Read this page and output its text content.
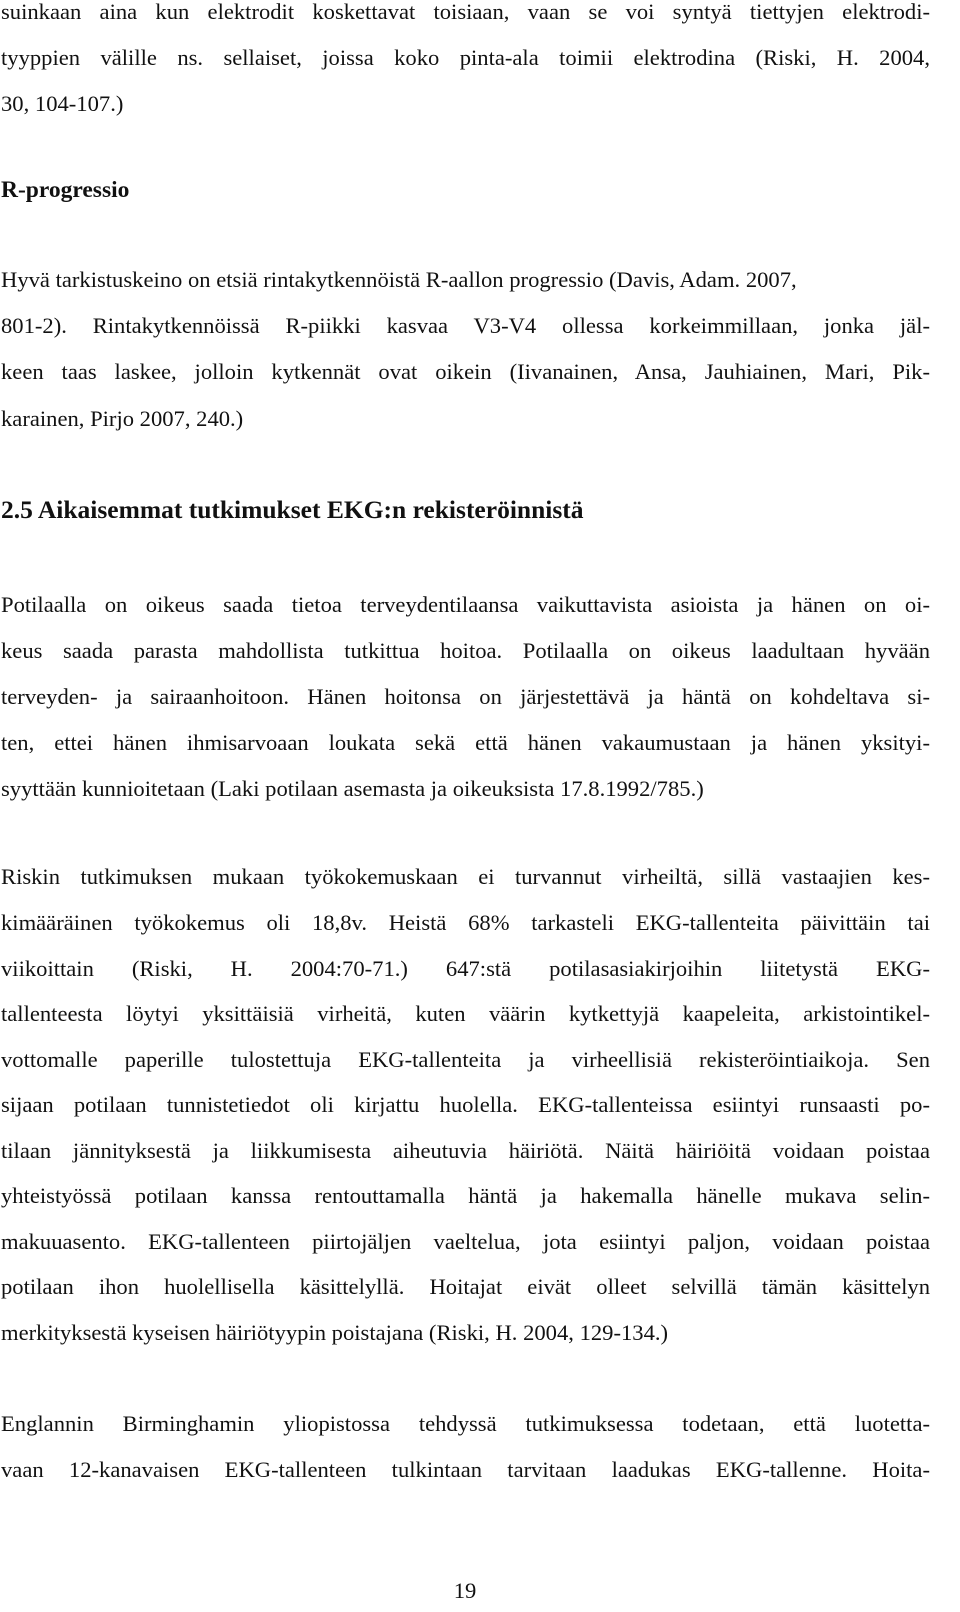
suinkaan aina kun elektrodit koskettavat toisiaan, vaan se voi syntyä tiettyjen elektrodi-
tyyppien välille ns. sellaiset, joissa koko pinta-ala toimii elektrodina (Riski, H. 2004,
30, 104-107.)
R-progressio
Hyvä tarkistuskeino on etsiä rintakytkennöistä R-aallon progressio (Davis, Adam. 2007,
801-2). Rintakytkennöissä R-piikki kasvaa V3-V4 ollessa korkeimmillaan, jonka jäl-
keen taas laskee, jolloin kytkennät ovat oikein (Iivanainen, Ansa, Jauhiainen, Mari, Pik-
karainen, Pirjo 2007, 240.)
2.5 Aikaisemmat tutkimukset EKG:n rekisteröinnistä
Potilaalla on oikeus saada tietoa terveydentilaansa vaikuttavista asioista ja hänen on oi-
keus saada parasta mahdollista tutkittua hoitoa. Potilaalla on oikeus laadultaan hyvään
terveyden- ja sairaanhoitoon. Hänen hoitonsa on järjestettävä ja häntä on kohdeltava si-
ten, ettei hänen ihmisarvoaan loukata sekä että hänen vakaumustaan ja hänen yksityi-
syyttään kunnioitetaan (Laki potilaan asemasta ja oikeuksista 17.8.1992/785.)
Riskin tutkimuksen mukaan työkokemuskaan ei turvannut virheiltä, sillä vastaajien kes-
kimääräinen työkokemus oli 18,8v. Heistä 68% tarkasteli EKG-tallenteita päivittäin tai
viikoittain (Riski, H. 2004:70-71.) 647:stä potilasasiakirjoihin liitetystä EKG-
tallenteesta löytyi yksittäisiä virheitä, kuten väärin kytkettyjä kaapeleita, arkistointikel-
vottomalle paperille tulostettuja EKG-tallenteita ja virheellisiä rekisteröintiaikoja. Sen
sijaan potilaan tunnistetiedot oli kirjattu huolella. EKG-tallenteissa esiintyi runsaasti po-
tilaan jännityksestä ja liikkumisesta aiheutuvia häiriötä. Näitä häiriöitä voidaan poistaa
yhteistyössä potilaan kanssa rentouttamalla häntä ja hakemalla hänelle mukava selin-
makuuasento. EKG-tallenteen piirtojäljen vaeltelua, jota esiintyi paljon, voidaan poistaa
potilaan ihon huolellisella käsittelyllä. Hoitajat eivät olleet selvillä tämän käsittelyn
merkityksestä kyseisen häiriötyypin poistajana (Riski, H. 2004, 129-134.)
Englannin Birminghamin yliopistossa tehdyssä tutkimuksessa todetaan, että luotetta-
vaan 12-kanavaisen EKG-tallenteen tulkintaan tarvitaan laadukas EKG-tallenne. Hoita-
19
